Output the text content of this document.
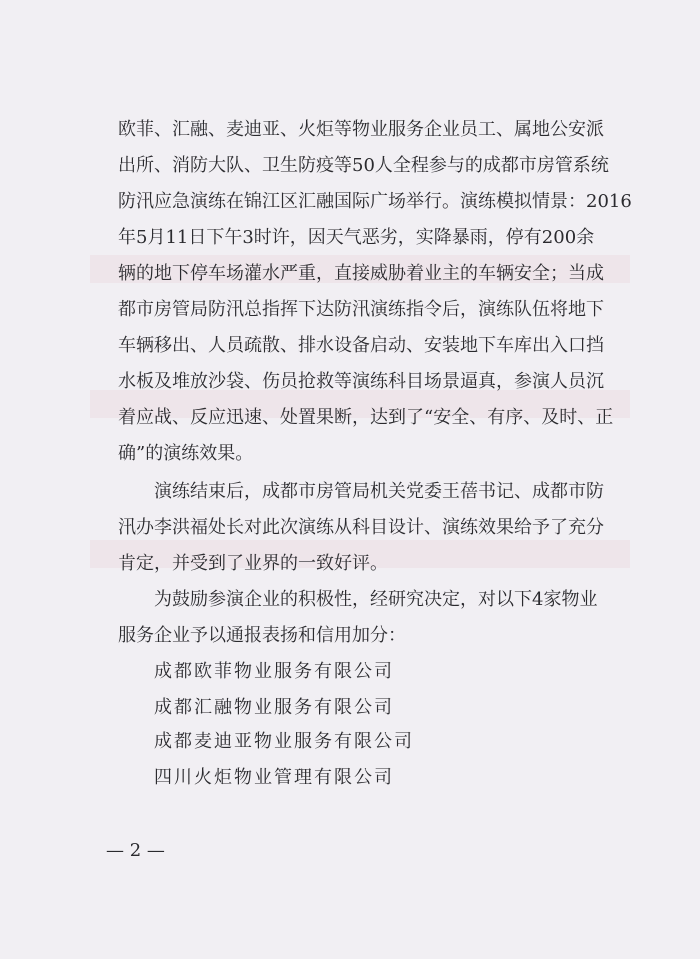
欧菲、汇融、麦迪亚、火炬等物业服务企业员工、属地公安派
出所、消防大队、卫生防疫等50人全程参与的成都市房管系统
防汛应急演练在锦江区汇融国际广场举行。演练模拟情景：2016
年5月11日下午3时许，因天气恶劣，实降暴雨，停有200余
辆的地下停车场灌水严重，直接威胁着业主的车辆安全；当成
都市房管局防汛总指挥下达防汛演练指令后，演练队伍将地下
车辆移出、人员疏散、排水设备启动、安装地下车库出入口挡
水板及堆放沙袋、伤员抢救等演练科目场景逼真，参演人员沉
着应战、反应迅速、处置果断，达到了“安全、有序、及时、正
确”的演练效果。
演练结束后，成都市房管局机关党委王蓓书记、成都市防
汛办李洪福处长对此次演练从科目设计、演练效果给予了充分
肯定，并受到了业界的一致好评。
为鼓励参演企业的积极性，经研究决定，对以下4家物业
服务企业予以通报表扬和信用加分：
成都欧菲物业服务有限公司
成都汇融物业服务有限公司
成都麦迪亚物业服务有限公司
四川火炬物业管理有限公司
— 2 —
